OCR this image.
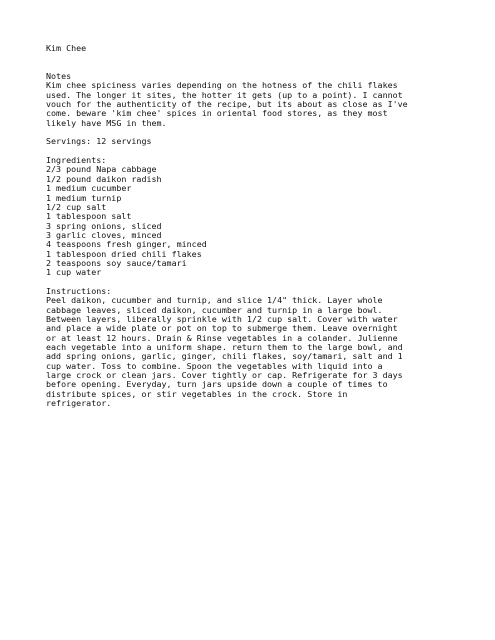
Kim Chee
Notes
Kim chee spiciness varies depending on the hotness of the chili flakes
used. The longer it sites, the hotter it gets (up to a point). I cannot
vouch for the authenticity of the recipe, but its about as close as I've
come. beware 'kim chee' spices in oriental food stores, as they most
likely have MSG in them.
Servings: 12 servings
Ingredients:
2/3 pound Napa cabbage
1/2 pound daikon radish
1 medium cucumber
1 medium turnip
1/2 cup salt
1 tablespoon salt
3 spring onions, sliced
3 garlic cloves, minced
4 teaspoons fresh ginger, minced
1 tablespoon dried chili flakes
2 teaspoons soy sauce/tamari
1 cup water
Instructions:
Peel daikon, cucumber and turnip, and slice 1/4" thick. Layer whole
cabbage leaves, sliced daikon, cucumber and turnip in a large bowl.
Between layers, liberally sprinkle with 1/2 cup salt. Cover with water
and place a wide plate or pot on top to submerge them. Leave overnight
or at least 12 hours. Drain & Rinse vegetables in a colander. Julienne
each vegetable into a uniform shape. return them to the large bowl, and
add spring onions, garlic, ginger, chili flakes, soy/tamari, salt and 1
cup water. Toss to combine. Spoon the vegetables with liquid into a
large crock or clean jars. Cover tightly or cap. Refrigerate for 3 days
before opening. Everyday, turn jars upside down a couple of times to
distribute spices, or stir vegetables in the crock. Store in
refrigerator.
